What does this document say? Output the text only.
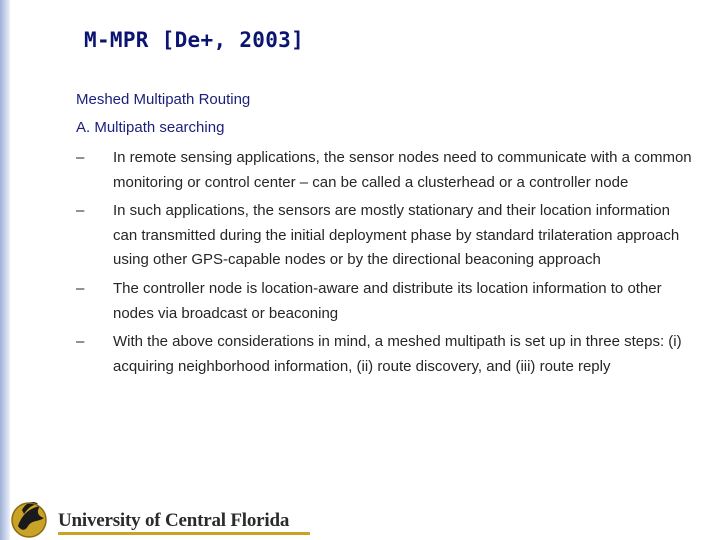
M-MPR [De+, 2003]
Meshed Multipath Routing
A. Multipath searching
– In remote sensing applications, the sensor nodes need to communicate with a common monitoring or control center – can be called a clusterhead or a controller node
– In such applications, the sensors are mostly stationary and their location information can transmitted during the initial deployment phase by standard trilateration approach using other GPS-capable nodes or by the directional beaconing approach
– The controller node is location-aware and distribute its location information to other nodes via broadcast or beaconing
– With the above considerations in mind, a meshed multipath is set up in three steps: (i) acquiring neighborhood information, (ii) route discovery, and (iii) route reply
University of Central Florida
